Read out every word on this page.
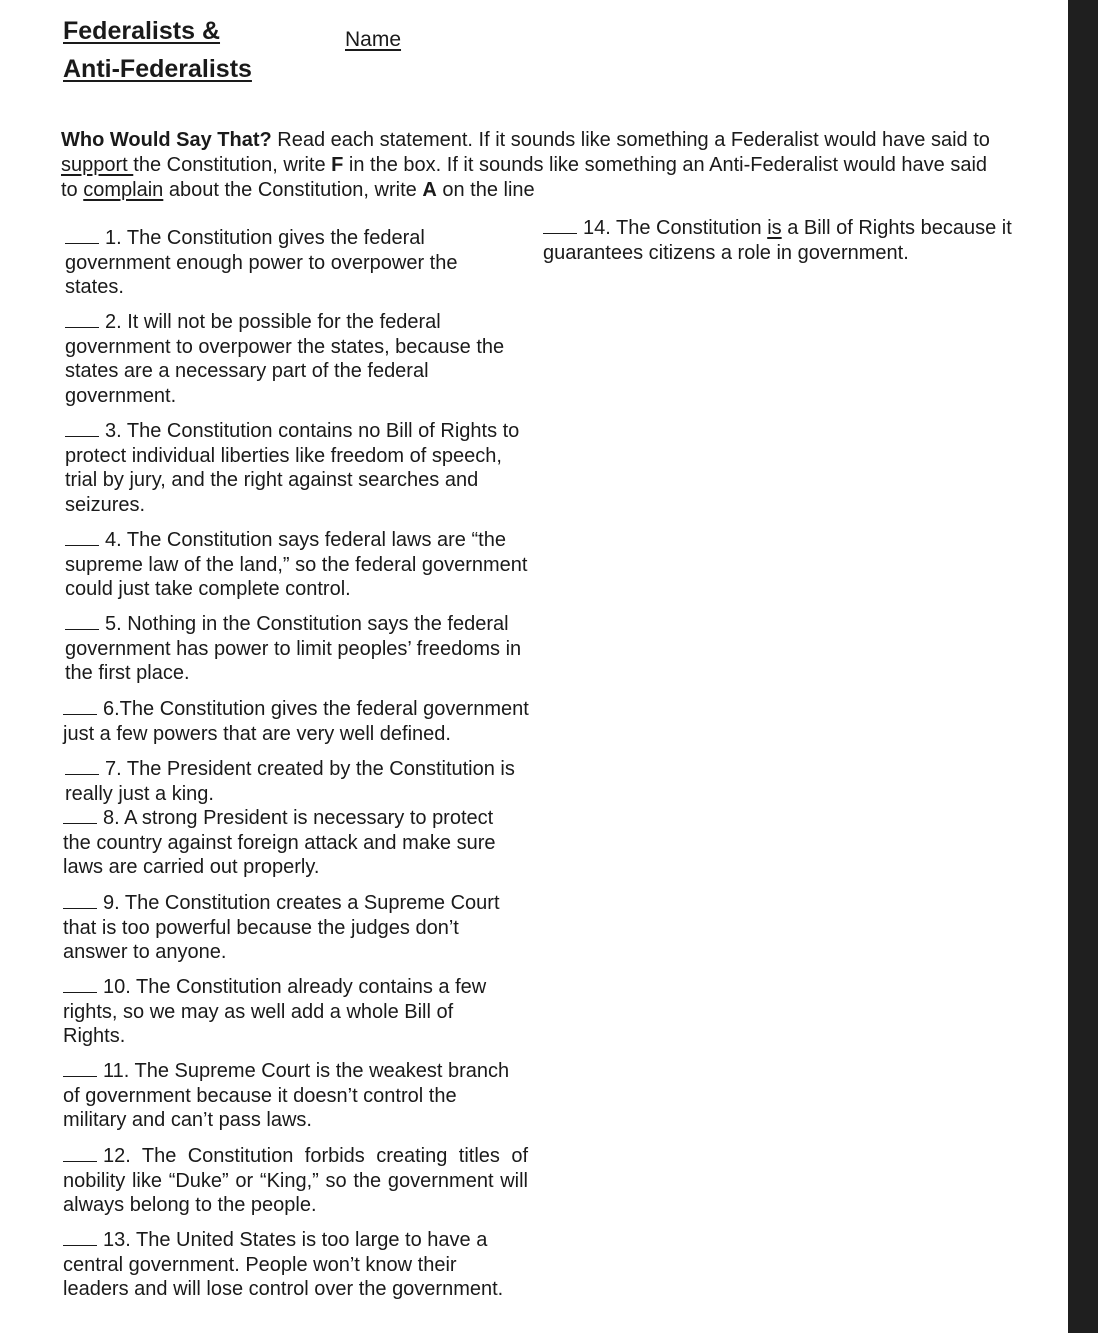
Federalists &
Anti-Federalists
Name
Who Would Say That? Read each statement. If it sounds like something a Federalist would have said to support the Constitution, write F in the box. If it sounds like something an Anti-Federalist would have said to complain about the Constitution, write A on the line
1. The Constitution gives the federal government enough power to overpower the states.
2. It will not be possible for the federal government to overpower the states, because the states are a necessary part of the federal government.
3. The Constitution contains no Bill of Rights to protect individual liberties like freedom of speech, trial by jury, and the right against searches and seizures.
4. The Constitution says federal laws are “the supreme law of the land,” so the federal government could just take complete control.
5. Nothing in the Constitution says the federal government has power to limit peoples’ freedoms in the first place.
6.The Constitution gives the federal government just a few powers that are very well defined.
7. The President created by the Constitution is really just a king.
8. A strong President is necessary to protect the country against foreign attack and make sure laws are carried out properly.
9. The Constitution creates a Supreme Court that is too powerful because the judges don’t answer to anyone.
10. The Constitution already contains a few rights, so we may as well add a whole Bill of Rights.
11. The Supreme Court is the weakest branch of government because it doesn’t control the military and can’t pass laws.
12. The Constitution forbids creating titles of nobility like “Duke” or “King,” so the government will always belong to the people.
13. The United States is too large to have a central government. People won’t know their leaders and will lose control over the government.
14. The Constitution is a Bill of Rights because it guarantees citizens a role in government.
